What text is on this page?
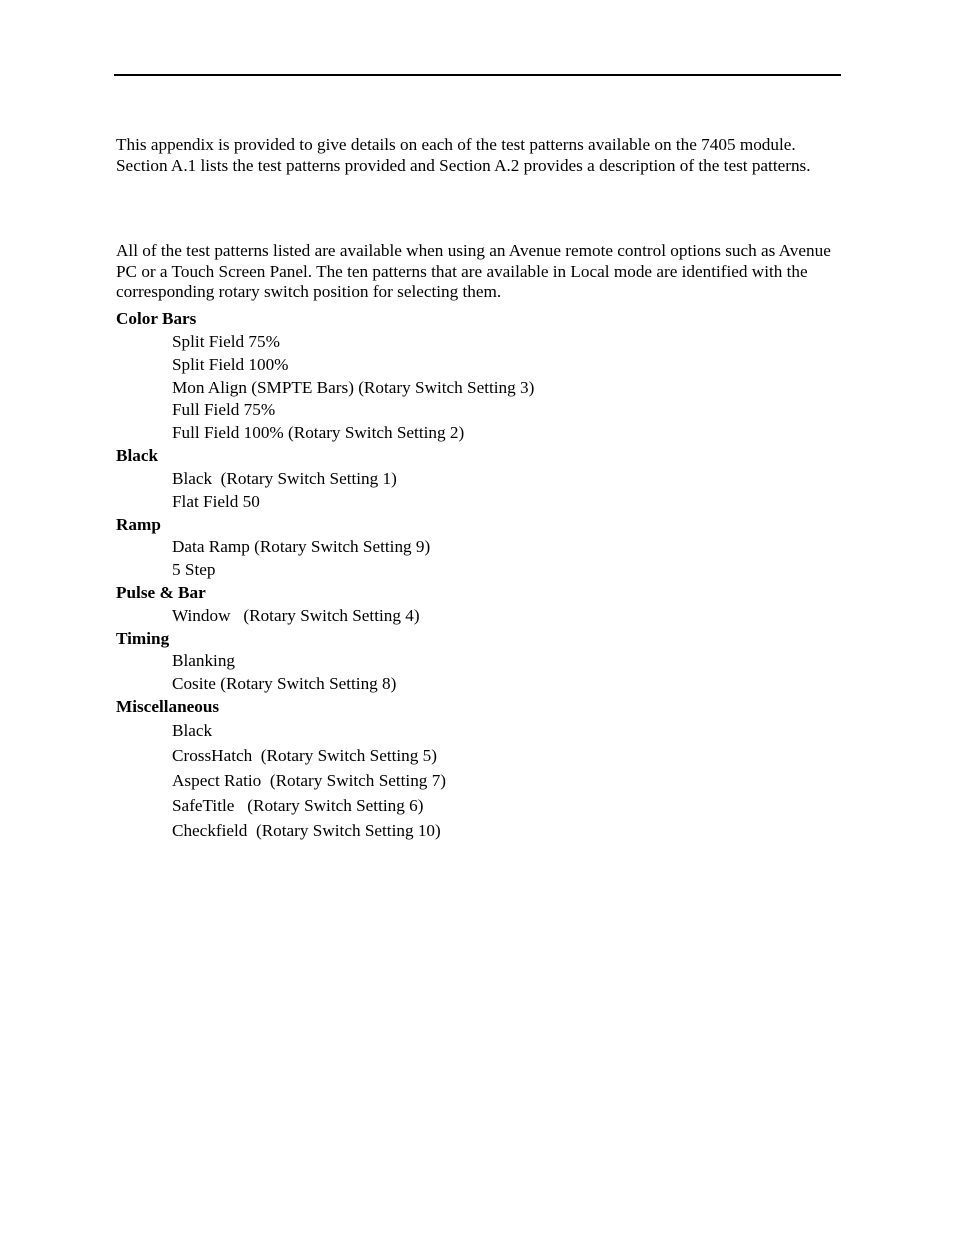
This appendix is provided to give details on each of the test patterns available on the 7405 module. Section A.1 lists the test patterns provided and Section A.2 provides a description of the test patterns.

All of the test patterns listed are available when using an Avenue remote control options such as Avenue PC or a Touch Screen Panel. The ten patterns that are available in Local mode are identified with the corresponding rotary switch position for selecting them.

Color Bars
Split Field 75%
Split Field 100%
Mon Align (SMPTE Bars) (Rotary Switch Setting 3)
Full Field 75%
Full Field 100% (Rotary Switch Setting 2)
Black
Black  (Rotary Switch Setting 1)
Flat Field 50
Ramp
Data Ramp (Rotary Switch Setting 9)
5 Step
Pulse & Bar
Window   (Rotary Switch Setting 4)
Timing
Blanking
Cosite (Rotary Switch Setting 8)
Miscellaneous
Black
CrossHatch  (Rotary Switch Setting 5)
Aspect Ratio  (Rotary Switch Setting 7)
SafeTitle   (Rotary Switch Setting 6)
Checkfield  (Rotary Switch Setting 10)
